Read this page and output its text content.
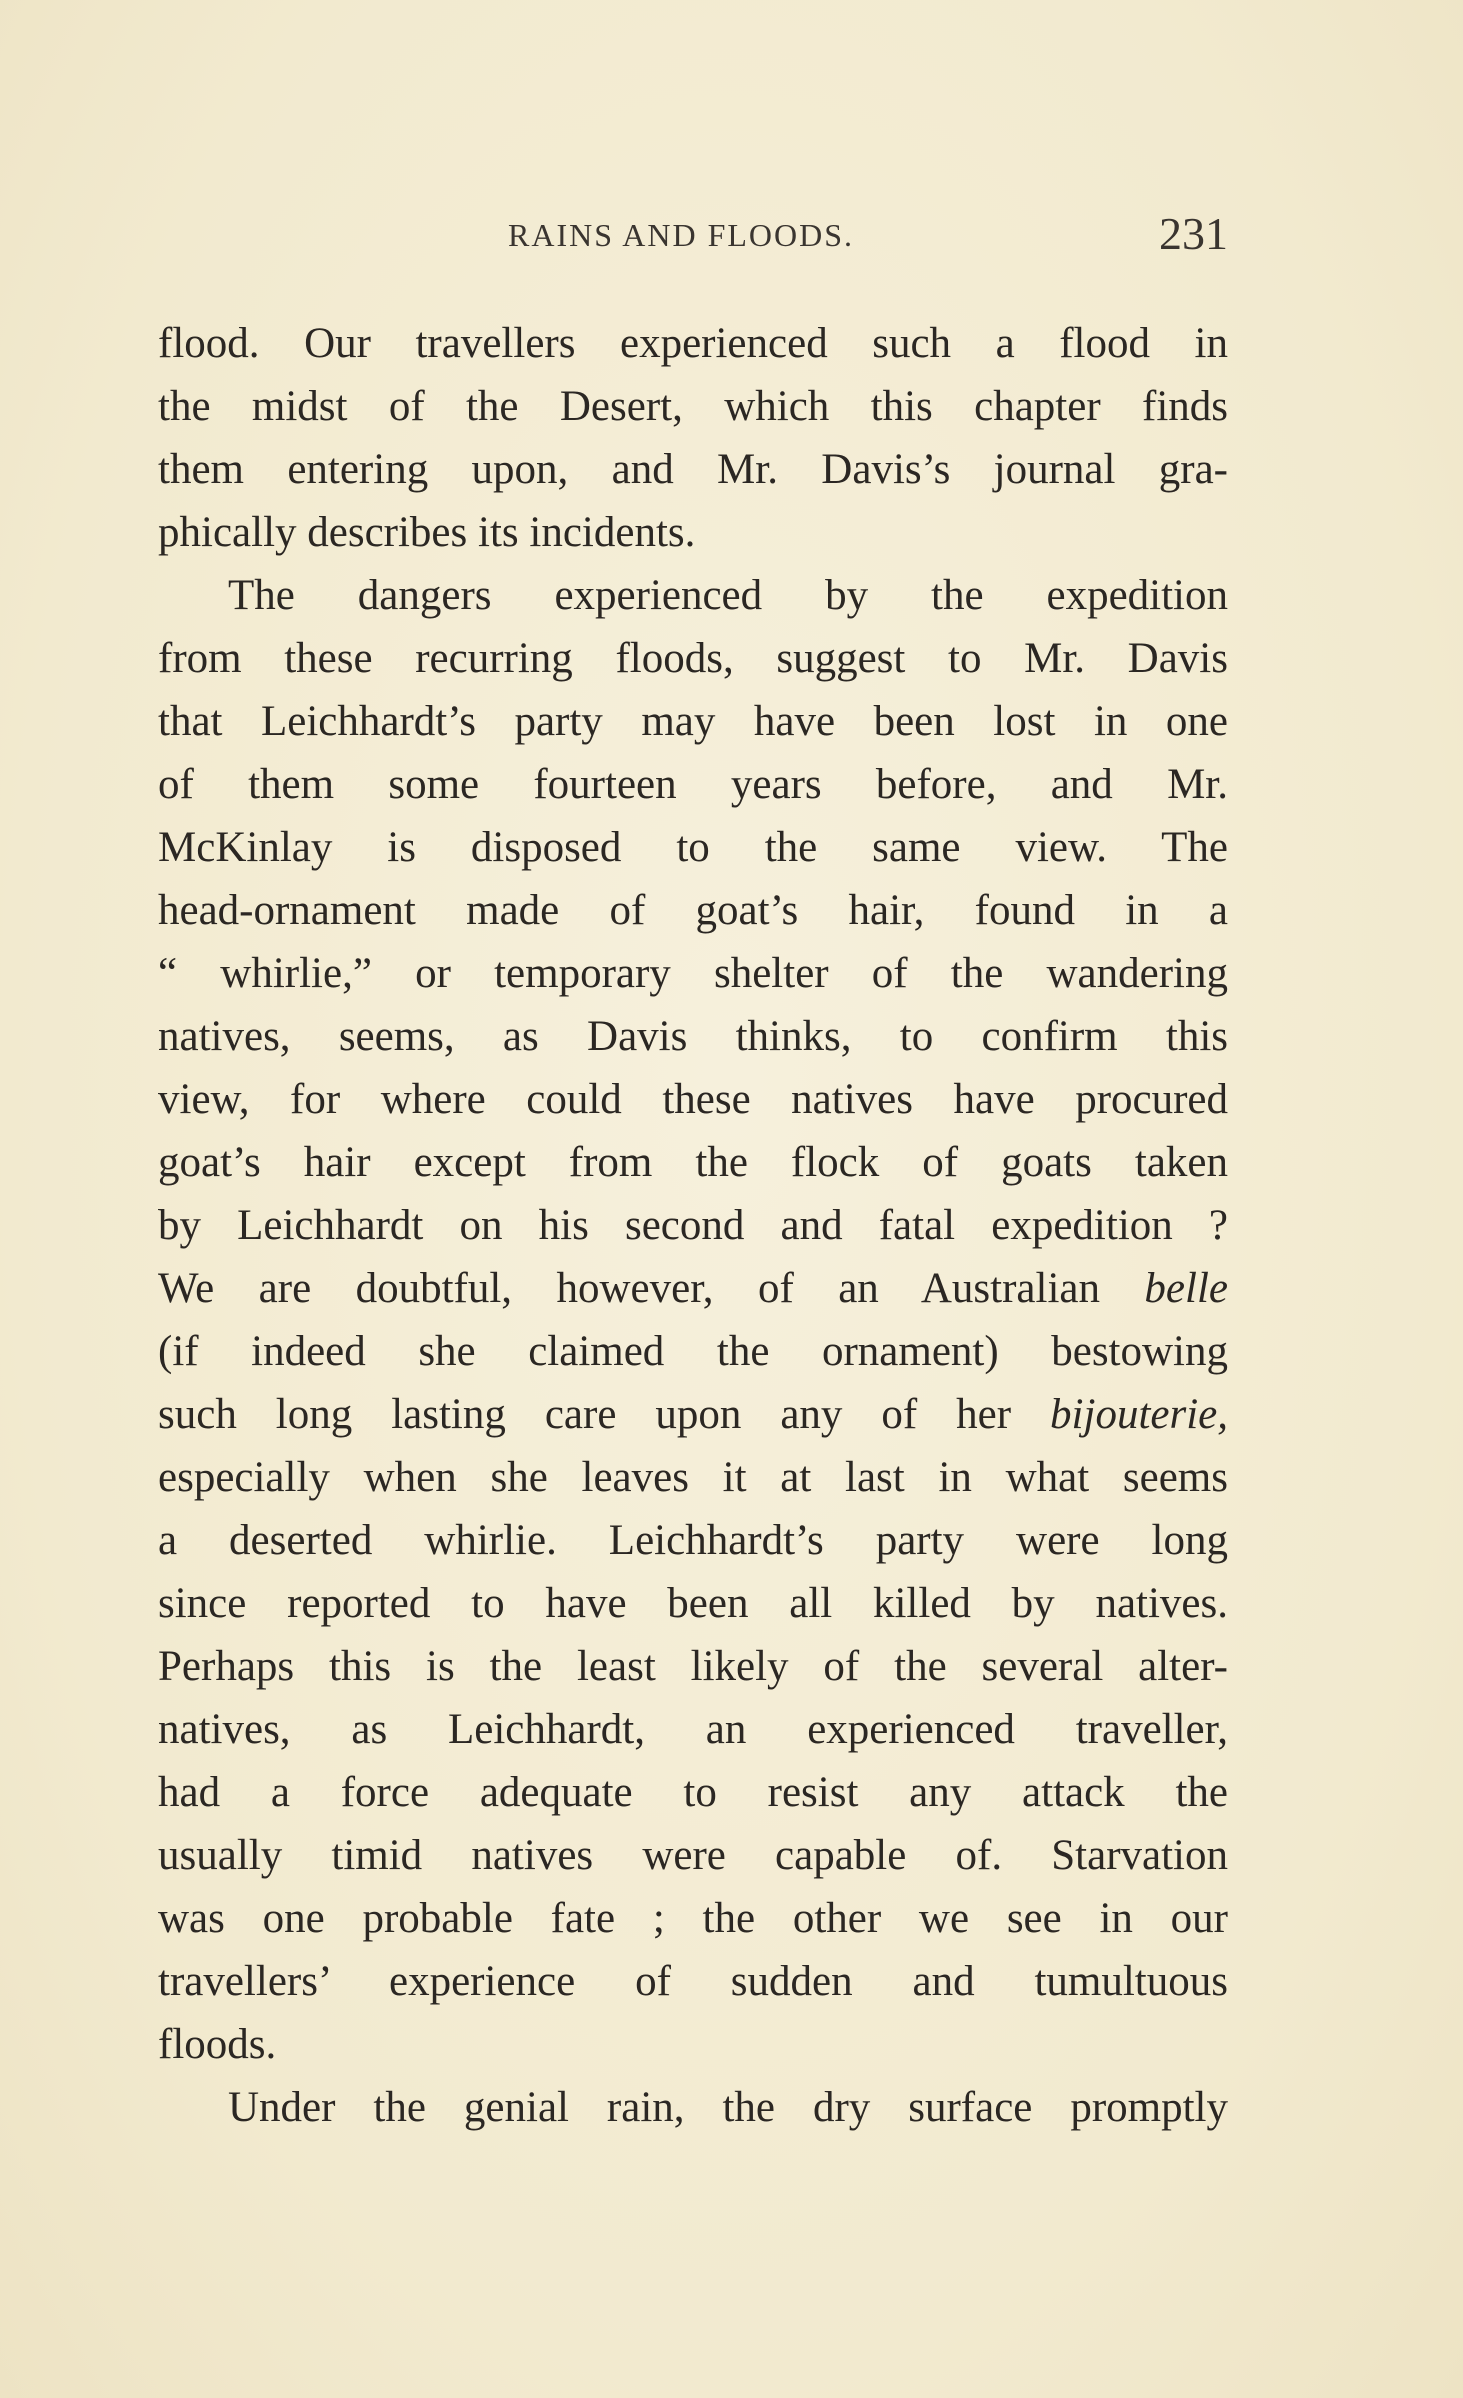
RAINS AND FLOODS.	231
flood. Our travellers experienced such a flood in
the midst of the Desert, which this chapter finds
them entering upon, and Mr. Davis’s journal gra-
phically describes its incidents.
The dangers experienced by the expedition
from these recurring floods, suggest to Mr. Davis
that Leichhardt’s party may have been lost in one
of them some fourteen years before, and Mr.
McKinlay is disposed to the same view. The
head-ornament made of goat’s hair, found in a
“ whirlie,” or temporary shelter of the wandering
natives, seems, as Davis thinks, to confirm this
view, for where could these natives have procured
goat’s hair except from the flock of goats taken
by Leichhardt on his second and fatal expedition ?
We are doubtful, however, of an Australian belle
(if indeed she claimed the ornament) bestowing
such long lasting care upon any of her bijouterie,
especially when she leaves it at last in what seems
a deserted whirlie. Leichhardt’s party were long
since reported to have been all killed by natives.
Perhaps this is the least likely of the several alter-
natives, as Leichhardt, an experienced traveller,
had a force adequate to resist any attack the
usually timid natives were capable of. Starvation
was one probable fate ; the other we see in our
travellers’ experience of sudden and tumultuous
floods.
Under the genial rain, the dry surface promptly
